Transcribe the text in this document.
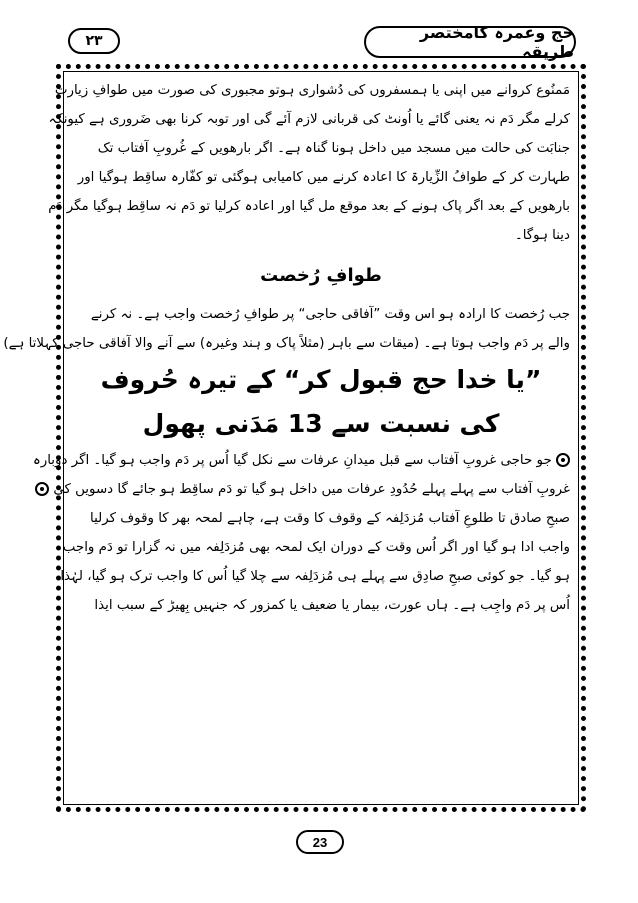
۲۳	حج وعمرہ کامختصر طریقہ
مَمنُوع کروانے میں اپنی یا ہمسفروں کی دُشواری ہوتو مجبوری کی صورت میں طوافِ زیارت
کرلے مگر دَم نہ یعنی گائے یا اُونٹ کی قربانی لازم آئے گی اور توبہ کرنا بھی ضَروری ہے کیونکہ
جنابَت کی حالت میں مسجد میں داخل ہونا گناہ ہے۔ اگر بارھویں کے غُروبِ آفتاب تک
طہارت کر کے طوافُ الزِّیارۃ کا اعادہ کرنے میں کامیابی ہوگئی تو کفّارہ ساقِط ہوگیا اور
بارھویں کے بعد اگر پاک ہونے کے بعد موقع مل گیا اور اعادہ کرلیا تو دَم نہ ساقِط ہوگیا مگر دَم
دینا ہوگا۔
طوافِ رُخصت
جب رُخصت کا ارادہ ہو اس وقت ”آفاقی حاجی“ پر طوافِ رُخصت واجب ہے۔ نہ کرنے
والے پر دَم واجب ہوتا ہے۔ (میقات سے باہر (مثلاً پاک و ہند وغیرہ) سے آنے والا آفاقی حاجی کہلاتا ہے)
”یا خدا حج قبول کر“ کے تیرہ حُروف
کی نسبت سے 13 مَدَنی پھول
جو حاجی غروبِ آفتاب سے قبل میدانِ عرفات سے نکل گیا اُس پر دَم واجب ہو گیا۔ اگر دوبارہ
غروبِ آفتاب سے پہلے پہلے حُدُودِ عرفات میں داخل ہو گیا تو دَم ساقِط ہو جائے گا دسویں کی
صبحِ صادق تا طلوعِ آفتاب مُزدَلِفہ کے وقوف کا وقت ہے، چاہے لمحہ بھر کا وقوف کرلیا
واجب ادا ہو گیا اور اگر اُس وقت کے دوران ایک لمحہ بھی مُزدَلِفہ میں نہ گزارا تو دَم واجب
ہو گیا۔ جو کوئی صبحِ صادِق سے پہلے ہی مُزدَلِفہ سے چلا گیا اُس کا واجب ترک ہو گیا، لہٰذا
اُس پر دَم واجِب ہے۔ ہاں عورت، بیمار یا ضعیف یا کمزور کہ جنہیں بِھیڑ کے سبب ایذا
23
